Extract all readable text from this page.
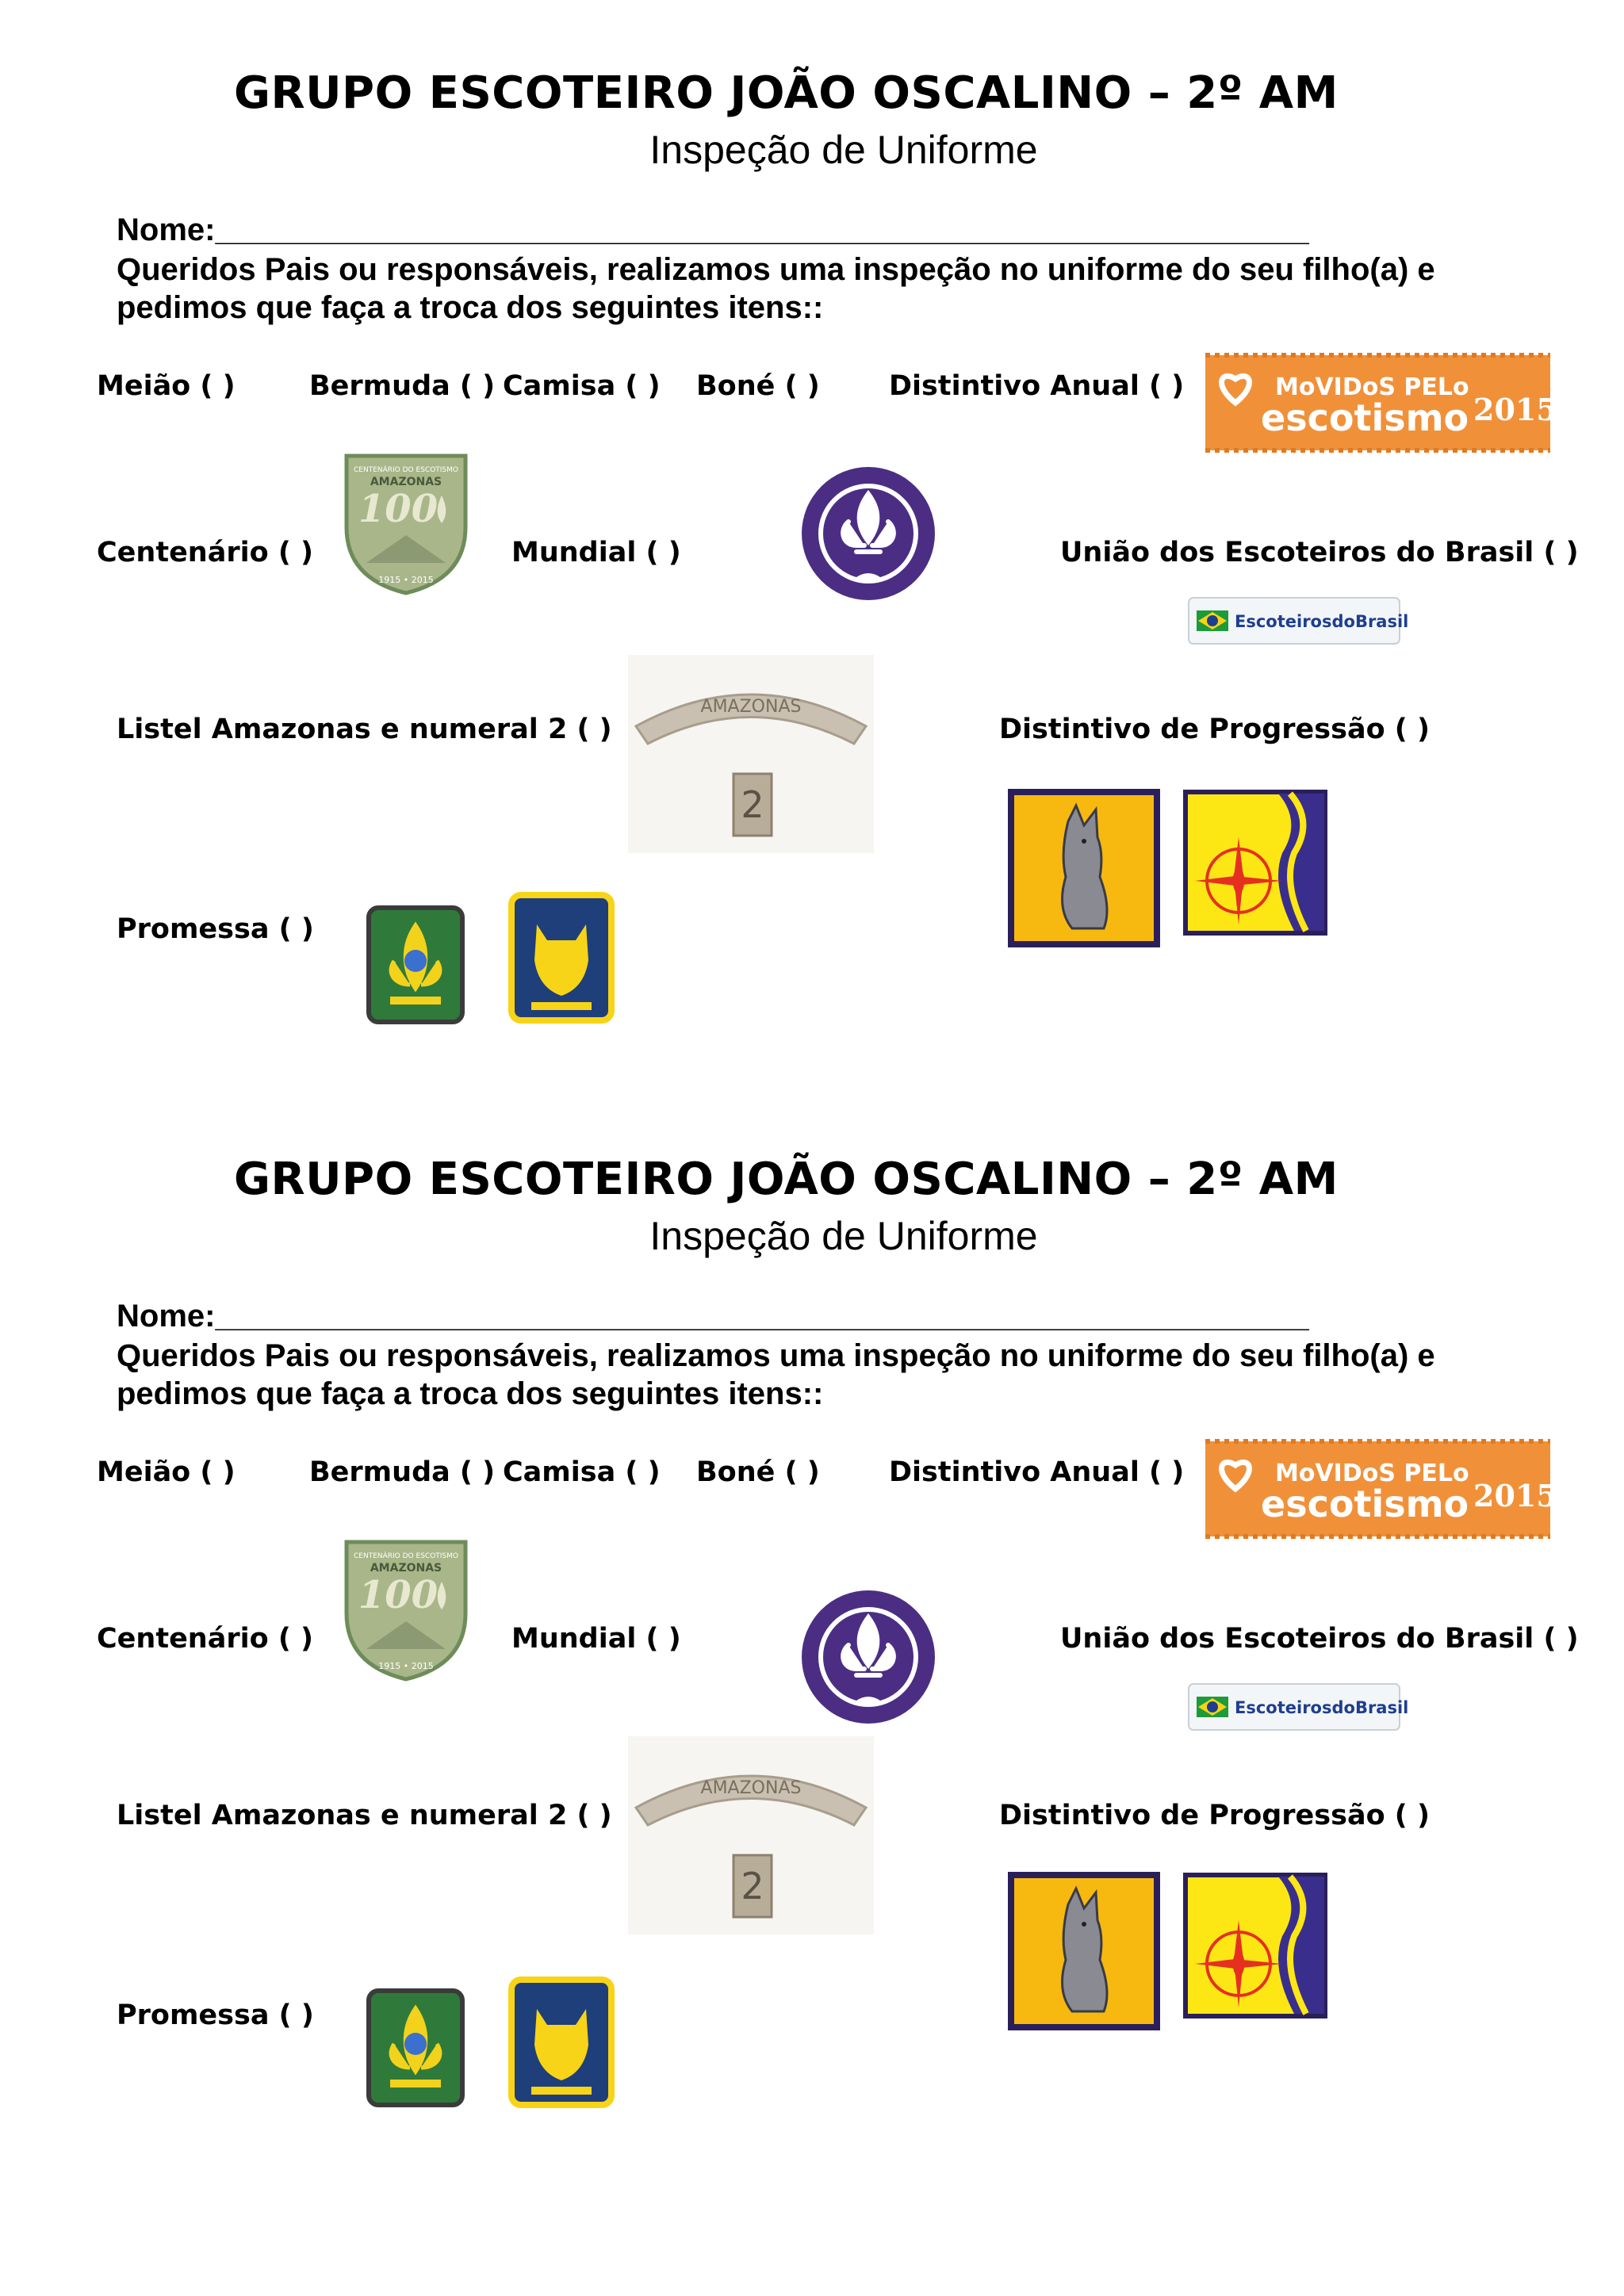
GRUPO ESCOTEIRO JOÃO OSCALINO – 2º AM
Inspeção de Uniforme
Nome:______________________________________________________________
Queridos Pais ou responsáveis, realizamos uma inspeção no uniforme do seu filho(a) e
pedimos que faça a troca dos seguintes itens::
Meião ( )	Bermuda ( ) Camisa ( ) Boné ( ) Distintivo Anual ( )	MoVIDoS PELo
escotismo 2015
Centenário ( )
CENTENÁRIO DO ESCOTISMO
AMAZONAS
100
1915 • 2015
Mundial ( )	União dos Escoteiros do Brasil ( )
EscoteirosdoBrasil
Listel Amazonas e numeral 2 ( )
AMAZONAS
2
Distintivo de Progressão ( )
Promessa ( )
GRUPO ESCOTEIRO JOÃO OSCALINO – 2º AM
Inspeção de Uniforme
Nome:______________________________________________________________
Queridos Pais ou responsáveis, realizamos uma inspeção no uniforme do seu filho(a) e
pedimos que faça a troca dos seguintes itens::
Meião ( )	Bermuda ( ) Camisa ( ) Boné ( ) Distintivo Anual ( )	MoVIDoS PELo
escotismo 2015
Centenário ( )
CENTENÁRIO DO ESCOTISMO
AMAZONAS
100
1915 • 2015
Mundial ( )	União dos Escoteiros do Brasil ( )
EscoteirosdoBrasil
Listel Amazonas e numeral 2 ( )
AMAZONAS
2
Distintivo de Progressão ( )
Promessa ( )
